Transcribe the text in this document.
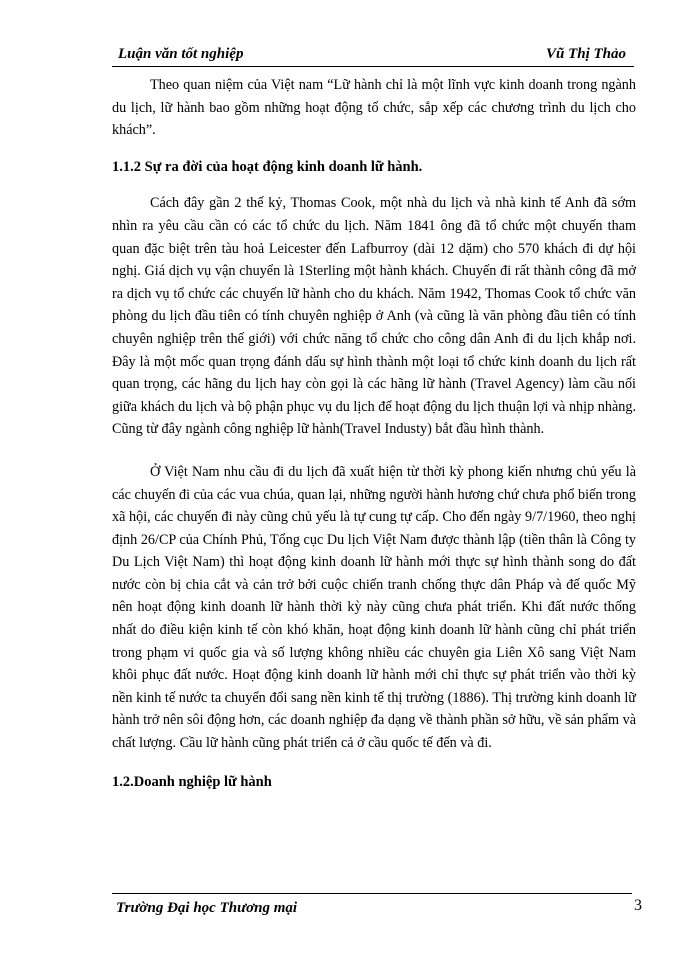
Luận văn tốt nghiệp	Vũ Thị Thảo

Theo quan niệm của Việt nam “Lữ hành chỉ là một lĩnh vực kinh doanh trong ngành du lịch, lữ hành bao gồm những hoạt động tổ chức, sắp xếp các chương trình du lịch cho khách”.

1.1.2 Sự ra đời của hoạt động kinh doanh lữ hành.

Cách đây gần 2 thế kỷ, Thomas Cook, một nhà du lịch và nhà kinh tế Anh đã sớm nhìn ra yêu cầu cần có các tổ chức du lịch. Năm 1841 ông đã tổ chức một chuyến tham quan đặc biệt trên tàu hoả Leicester đến Lafburroy (dài 12 dặm) cho 570 khách đi dự hội nghị. Giá dịch vụ vận chuyển là 1Sterling một hành khách. Chuyến đi rất thành công đã mở ra dịch vụ tổ chức các chuyến lữ hành cho du khách. Năm 1942, Thomas Cook tổ chức văn phòng du lịch đầu tiên có tính chuyên nghiệp ở Anh (và cũng là văn phòng đầu tiên có tính chuyên nghiệp trên thế giới) với chức năng tổ chức cho công dân Anh đi du lịch khắp nơi. Đây là một mốc quan trọng đánh dấu sự hình thành một loại tổ chức kinh doanh du lịch rất quan trọng, các hãng du lịch hay còn gọi là các hãng lữ hành (Travel Agency) làm cầu nối giữa khách du lịch và bộ phận phục vụ du lịch để hoạt động du lịch thuận lợi và nhịp nhàng. Cũng từ đây ngành công nghiệp lữ hành(Travel Industy) bắt đầu hình thành.

Ở Việt Nam nhu cầu đi du lịch đã xuất hiện từ thời kỳ phong kiến nhưng chủ yếu là các chuyến đi của các vua chúa, quan lại, những người hành hương chứ chưa phổ biến trong xã hội, các chuyến đi này cũng chủ yếu là tự cung tự cấp. Cho đến ngày 9/7/1960, theo nghị định 26/CP của Chính Phủ, Tổng cục Du lịch Việt Nam được thành lập (tiền thân là Công ty Du Lịch Việt Nam) thì hoạt động kinh doanh lữ hành mới thực sự hình thành song do đất nước còn bị chia cắt và cản trở bởi cuộc chiến tranh chống thực dân Pháp và đế quốc Mỹ nên hoạt động kinh doanh lữ hành thời kỳ này cũng chưa phát triển. Khi đất nước thống nhất do điều kiện kinh tế còn khó khăn, hoạt động kinh doanh lữ hành cũng chỉ phát triển trong phạm vi quốc gia và số lượng không nhiều các chuyên gia Liên Xô sang Việt Nam khôi phục đất nước. Hoạt động kinh doanh lữ hành mới chỉ thực sự phát triển vào thời kỳ nền kinh tế nước ta chuyển đổi sang nền kinh tế thị trường (1886). Thị trường kinh doanh lữ hành trở nên sôi động hơn, các doanh nghiệp đa dạng về thành phần sở hữu, về sản phẩm và chất lượng. Cầu lữ hành cũng phát triển cả ở cầu quốc tế đến và đi.

1.2.Doanh nghiệp lữ hành
Trường Đại học Thương mại	3
